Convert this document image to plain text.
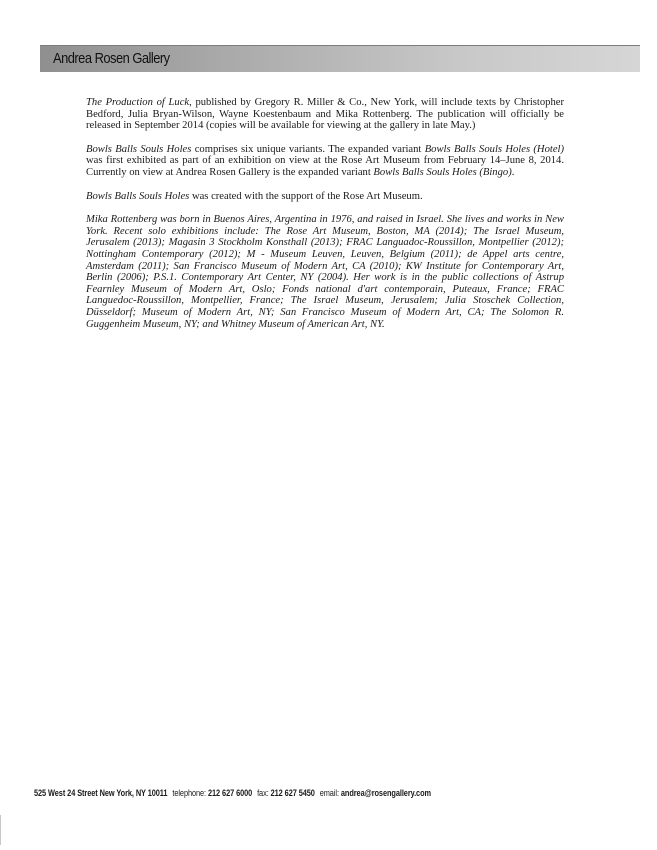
Andrea Rosen Gallery

The Production of Luck, published by Gregory R. Miller & Co., New York, will include texts by Christopher Bedford, Julia Bryan-Wilson, Wayne Koestenbaum and Mika Rottenberg. The publication will officially be released in September 2014 (copies will be available for viewing at the gallery in late May.)

Bowls Balls Souls Holes comprises six unique variants. The expanded variant Bowls Balls Souls Holes (Hotel) was first exhibited as part of an exhibition on view at the Rose Art Museum from February 14–June 8, 2014. Currently on view at Andrea Rosen Gallery is the expanded variant Bowls Balls Souls Holes (Bingo).

Bowls Balls Souls Holes was created with the support of the Rose Art Museum.

Mika Rottenberg was born in Buenos Aires, Argentina in 1976, and raised in Israel. She lives and works in New York. Recent solo exhibitions include: The Rose Art Museum, Boston, MA (2014); The Israel Museum, Jerusalem (2013); Magasin 3 Stockholm Konsthall (2013); FRAC Languadoc-Roussillon, Montpellier (2012); Nottingham Contemporary (2012); M - Museum Leuven, Leuven, Belgium (2011); de Appel arts centre, Amsterdam (2011); San Francisco Museum of Modern Art, CA (2010); KW Institute for Contemporary Art, Berlin (2006); P.S.1. Contemporary Art Center, NY (2004). Her work is in the public collections of Astrup Fearnley Museum of Modern Art, Oslo; Fonds national d'art contemporain, Puteaux, France; FRAC Languedoc-Roussillon, Montpellier, France; The Israel Museum, Jerusalem; Julia Stoschek Collection, Düsseldorf; Museum of Modern Art, NY; San Francisco Museum of Modern Art, CA; The Solomon R. Guggenheim Museum, NY; and Whitney Museum of American Art, NY.

525 West 24 Street New York, NY 10011 telephone: 212 627 6000 fax: 212 627 5450 email: andrea@rosengallery.com
